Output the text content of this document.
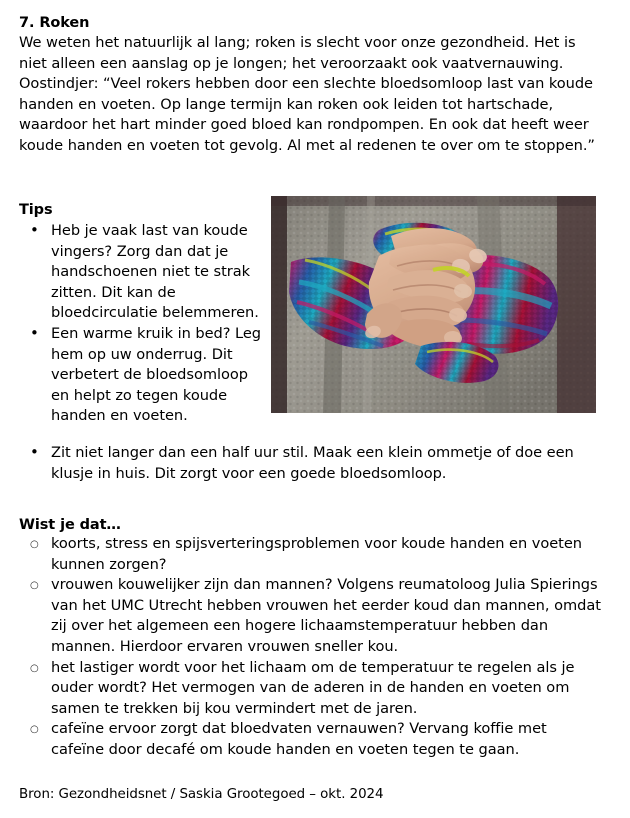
7. Roken
We weten het natuurlijk al lang; roken is slecht voor onze gezondheid. Het is niet alleen een aanslag op je longen; het veroorzaakt ook vaatvernauwing. Oostindjer: “Veel rokers hebben door een slechte bloedsomloop last van koude handen en voeten. Op lange termijn kan roken ook leiden tot hartschade, waardoor het hart minder goed bloed kan rondpompen. En ook dat heeft weer koude handen en voeten tot gevolg. Al met al redenen te over om te stoppen.”
Tips
• Heb je vaak last van koude vingers? Zorg dan dat je handschoenen niet te strak zitten. Dit kan de bloedcirculatie belemmeren.
• Een warme kruik in bed? Leg hem op uw onderrug. Dit verbetert de bloedsomloop en helpt zo tegen koude handen en voeten.
• Zit niet langer dan een half uur stil. Maak een klein ommetje of doe een klusje in huis. Dit zorgt voor een goede bloedsomloop.
Wist je dat…
○ koorts, stress en spijsverteringsproblemen voor koude handen en voeten kunnen zorgen?
○ vrouwen kouwelijker zijn dan mannen? Volgens reumatoloog Julia Spierings van het UMC Utrecht hebben vrouwen het eerder koud dan mannen, omdat zij over het algemeen een hogere lichaamstemperatuur hebben dan mannen. Hierdoor ervaren vrouwen sneller kou.
○ het lastiger wordt voor het lichaam om de temperatuur te regelen als je ouder wordt? Het vermogen van de aderen in de handen en voeten om samen te trekken bij kou vermindert met de jaren.
○ cafeïne ervoor zorgt dat bloedvaten vernauwen? Vervang koffie met cafeïne door decafé om koude handen en voeten tegen te gaan.
Bron: Gezondheidsnet / Saskia Grootegoed – okt. 2024
